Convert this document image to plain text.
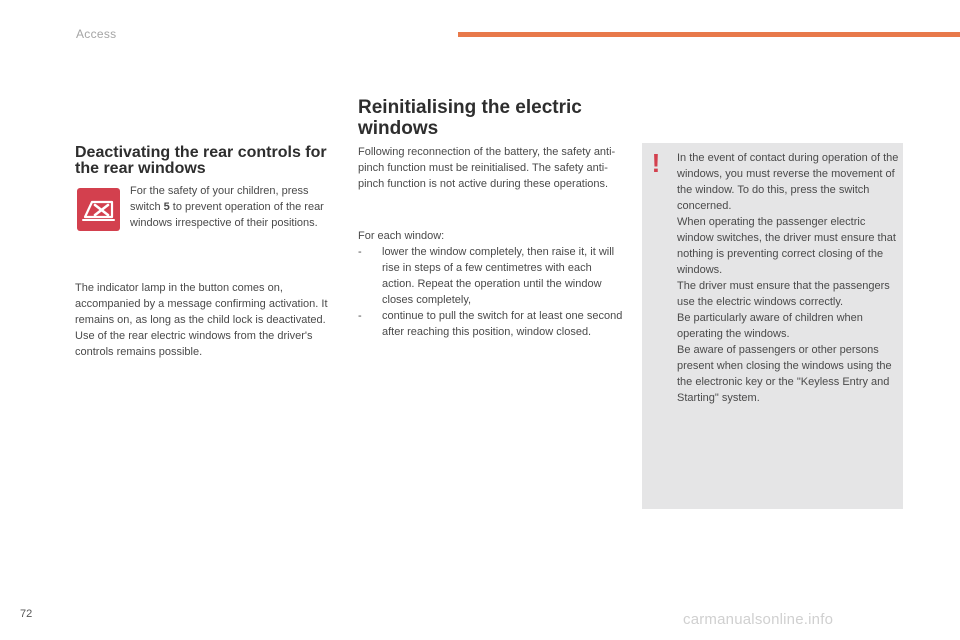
Access
Deactivating the rear controls for the rear windows
For the safety of your children, press switch 5 to prevent operation of the rear windows irrespective of their positions.
The indicator lamp in the button comes on, accompanied by a message confirming activation. It remains on, as long as the child lock is deactivated.
Use of the rear electric windows from the driver's controls remains possible.
Reinitialising the electric windows
Following reconnection of the battery, the safety anti-pinch function must be reinitialised. The safety anti-pinch function is not active during these operations.
For each window:
- lower the window completely, then raise it, it will rise in steps of a few centimetres with each action. Repeat the operation until the window closes completely,
- continue to pull the switch for at least one second after reaching this position, window closed.
! In the event of contact during operation of the windows, you must reverse the movement of the window. To do this, press the switch concerned.
When operating the passenger electric window switches, the driver must ensure that nothing is preventing correct closing of the windows.
The driver must ensure that the passengers use the electric windows correctly.
Be particularly aware of children when operating the windows.
Be aware of passengers or other persons present when closing the windows using the the electronic key or the "Keyless Entry and Starting" system.
72	carmanualsonline.info
